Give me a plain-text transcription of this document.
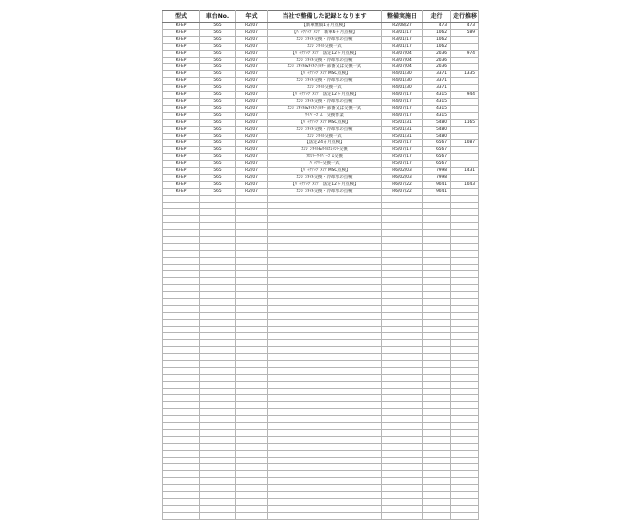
型式	車台No.	年式	当社で整備した記録となります	整備実施日	走行	走行推移
KFEP	565	R2/07	【新車無償1ヵ月点検】	R2/08/27	473	473
KFEP	565	R2/07	【ﾊﾞｯｸｱｯﾌﾟﾒﾝﾃ　新車6ヶ月点検】	R3/01/17	1062	589
KFEP	565	R2/07	ｴﾝｼﾞﾝｵｲﾙ交換・冷却水の点検	R3/01/17	1062	
KFEP	565	R2/07	ｴﾝｼﾞﾝｵｲﾙ交換一式	R3/01/17	1062	
KFEP	565	R2/07	【ﾊﾞｯｸｱｯﾌﾟﾒﾝﾃ　法定12ヶ月点検】	R3/07/04	2036	974
KFEP	565	R2/07	ｴﾝｼﾞﾝｵｲﾙ交換・冷却水の点検	R3/07/04	2036	
KFEP	565	R2/07	ｴﾝｼﾞﾝｵｲﾙ&ｵｲﾙﾌｨﾙﾀｰ 部番又は交換一式	R3/07/04	2036	
KFEP	565	R2/07	【ﾊﾞｯｸｱｯﾌﾟﾒﾝﾃ MSC点検】	R4/01/30	3371	1335
KFEP	565	R2/07	ｴﾝｼﾞﾝｵｲﾙ交換・冷却水の点検	R4/01/30	3371	
KFEP	565	R2/07	ｴﾝｼﾞﾝｵｲﾙ交換一式	R4/01/30	3371	
KFEP	565	R2/07	【ﾊﾞｯｸｱｯﾌﾟﾒﾝﾃ　法定12ヶ月点検】	R4/07/17	4315	944
KFEP	565	R2/07	ｴﾝｼﾞﾝｵｲﾙ交換・冷却水の点検	R4/07/17	4315	
KFEP	565	R2/07	ｴﾝｼﾞﾝｵｲﾙ&ｵｲﾙﾌｨﾙﾀｰ 部番又は交換一式	R4/07/17	4315	
KFEP	565	R2/07	ﾜｲﾊﾟｰｺﾞﾑ　交換作業	R4/07/17	4315	
KFEP	565	R2/07	【ﾊﾞｯｸｱｯﾌﾟﾒﾝﾃ MSC点検】	R5/01/31	5480	1165
KFEP	565	R2/07	ｴﾝｼﾞﾝｵｲﾙ交換・冷却水の点検	R5/01/31	5480	
KFEP	565	R2/07	ｴﾝｼﾞﾝｵｲﾙ交換一式	R5/01/31	5480	
KFEP	565	R2/07	【法定24ヵ月点検】	R5/07/17	6567	1087
KFEP	565	R2/07	ｴﾝｼﾞﾝｵｲﾙ&ｵｲﾙｴﾚﾒﾝﾄ交換	R5/07/17	6567	
KFEP	565	R2/07	ﾌﾛﾝﾄ･ﾜｲﾊﾟｰｺﾞﾑ交換	R5/07/17	6567	
KFEP	565	R2/07	ﾊﾞｯﾃﾘｰ交換一式	R5/07/17	6567	
KFEP	565	R2/07	【ﾊﾞｯｸｱｯﾌﾟﾒﾝﾃ MSC点検】	R6/02/03	7998	1431
KFEP	565	R2/07	ｴﾝｼﾞﾝｵｲﾙ交換・冷却水の点検	R6/02/03	7998	
KFEP	565	R2/07	【ﾊﾞｯｸｱｯﾌﾟﾒﾝﾃ　法定12ヶ月点検】	R6/07/22	9041	1043
KFEP	565	R2/07	ｴﾝｼﾞﾝｵｲﾙ交換・冷却水の点検	R6/07/22	9041	
